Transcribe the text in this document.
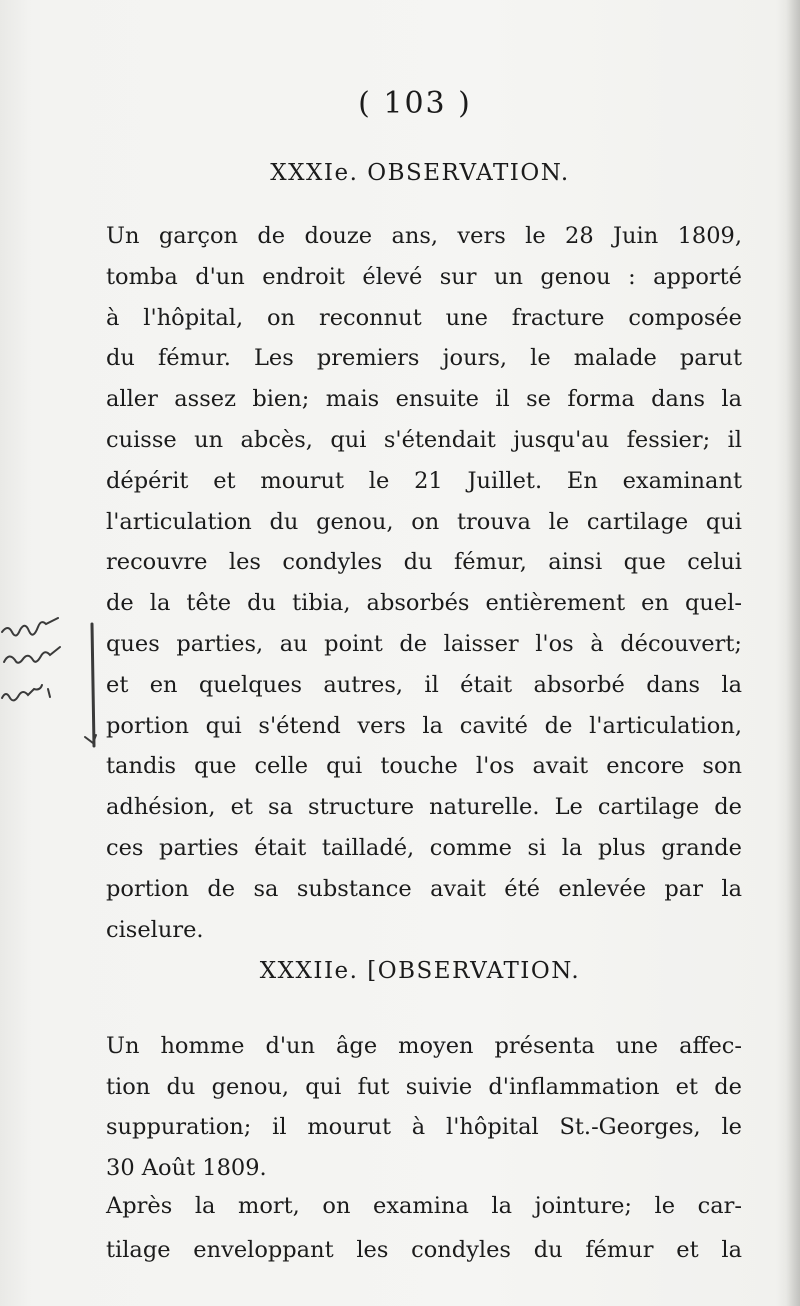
( 103 )
XXXIe. OBSERVATION.
Un garçon de douze ans, vers le 28 Juin 1809,
tomba d'un endroit élevé sur un genou : apporté
à l'hôpital, on reconnut une fracture composée
du fémur. Les premiers jours, le malade parut
aller assez bien; mais ensuite il se forma dans la
cuisse un abcès, qui s'étendait jusqu'au fessier; il
dépérit et mourut le 21 Juillet. En examinant
l'articulation du genou, on trouva le cartilage qui
recouvre les condyles du fémur, ainsi que celui
de la tête du tibia, absorbés entièrement en quel-
ques parties, au point de laisser l'os à découvert;
et en quelques autres, il était absorbé dans la
portion qui s'étend vers la cavité de l'articulation,
tandis que celle qui touche l'os avait encore son
adhésion, et sa structure naturelle. Le cartilage de
ces parties était tailladé, comme si la plus grande
portion de sa substance avait été enlevée par la
ciselure.
XXXIIe. [OBSERVATION.
Un homme d'un âge moyen présenta une affec-
tion du genou, qui fut suivie d'inflammation et de
suppuration; il mourut à l'hôpital St.-Georges, le
30 Août 1809.
Après la mort, on examina la jointure; le car-
tilage enveloppant les condyles du fémur et la
